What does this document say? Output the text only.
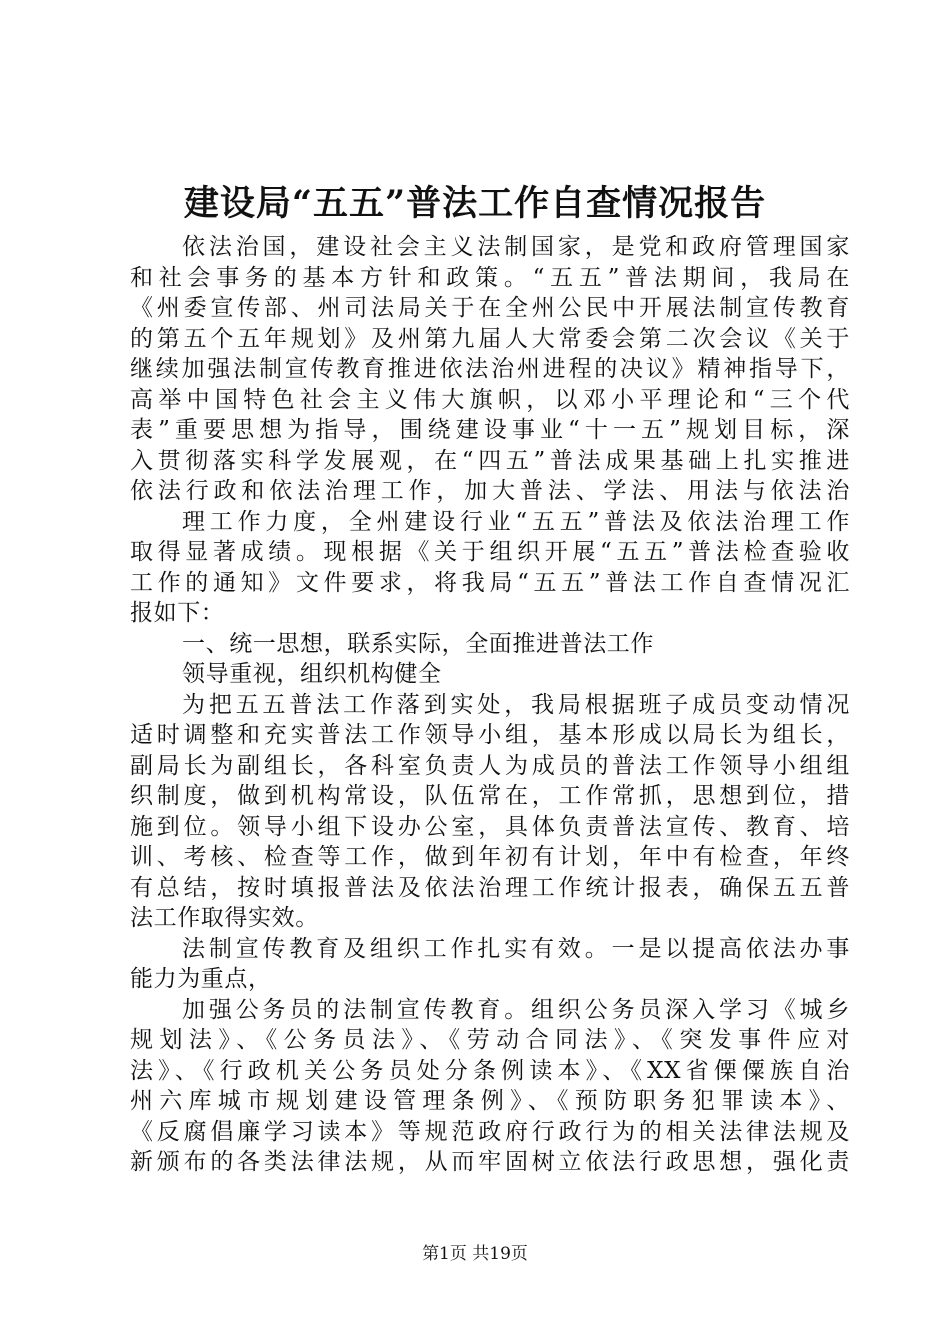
建设局“五五”普法工作自查情况报告
依法治国，建设社会主义法制国家，是党和政府管理国家
和社会事务的基本方针和政策。“五五”普法期间，我局在
《州委宣传部、州司法局关于在全州公民中开展法制宣传教育
的第五个五年规划》及州第九届人大常委会第二次会议《关于
继续加强法制宣传教育推进依法治州进程的决议》精神指导下，
高举中国特色社会主义伟大旗帜，以邓小平理论和“三个代
表”重要思想为指导，围绕建设事业“十一五”规划目标，深
入贯彻落实科学发展观，在“四五”普法成果基础上扎实推进
依法行政和依法治理工作，加大普法、学法、用法与依法治
理工作力度，全州建设行业“五五”普法及依法治理工作
取得显著成绩。现根据《关于组织开展“五五”普法检查验收
工作的通知》文件要求，将我局“五五”普法工作自查情况汇
报如下：
一、统一思想，联系实际，全面推进普法工作
领导重视，组织机构健全
为把五五普法工作落到实处，我局根据班子成员变动情况
适时调整和充实普法工作领导小组，基本形成以局长为组长，
副局长为副组长，各科室负责人为成员的普法工作领导小组组
织制度，做到机构常设，队伍常在，工作常抓，思想到位，措
施到位。领导小组下设办公室，具体负责普法宣传、教育、培
训、考核、检查等工作，做到年初有计划，年中有检查，年终
有总结，按时填报普法及依法治理工作统计报表，确保五五普
法工作取得实效。
法制宣传教育及组织工作扎实有效。一是以提高依法办事
能力为重点，
加强公务员的法制宣传教育。组织公务员深入学习《城乡
规划法》、《公务员法》、《劳动合同法》、《突发事件应对
法》、《行政机关公务员处分条例读本》、《XX省傈僳族自治
州六库城市规划建设管理条例》、《预防职务犯罪读本》、
《反腐倡廉学习读本》等规范政府行政行为的相关法律法规及
新颁布的各类法律法规，从而牢固树立依法行政思想，强化责
第1页 共19页
